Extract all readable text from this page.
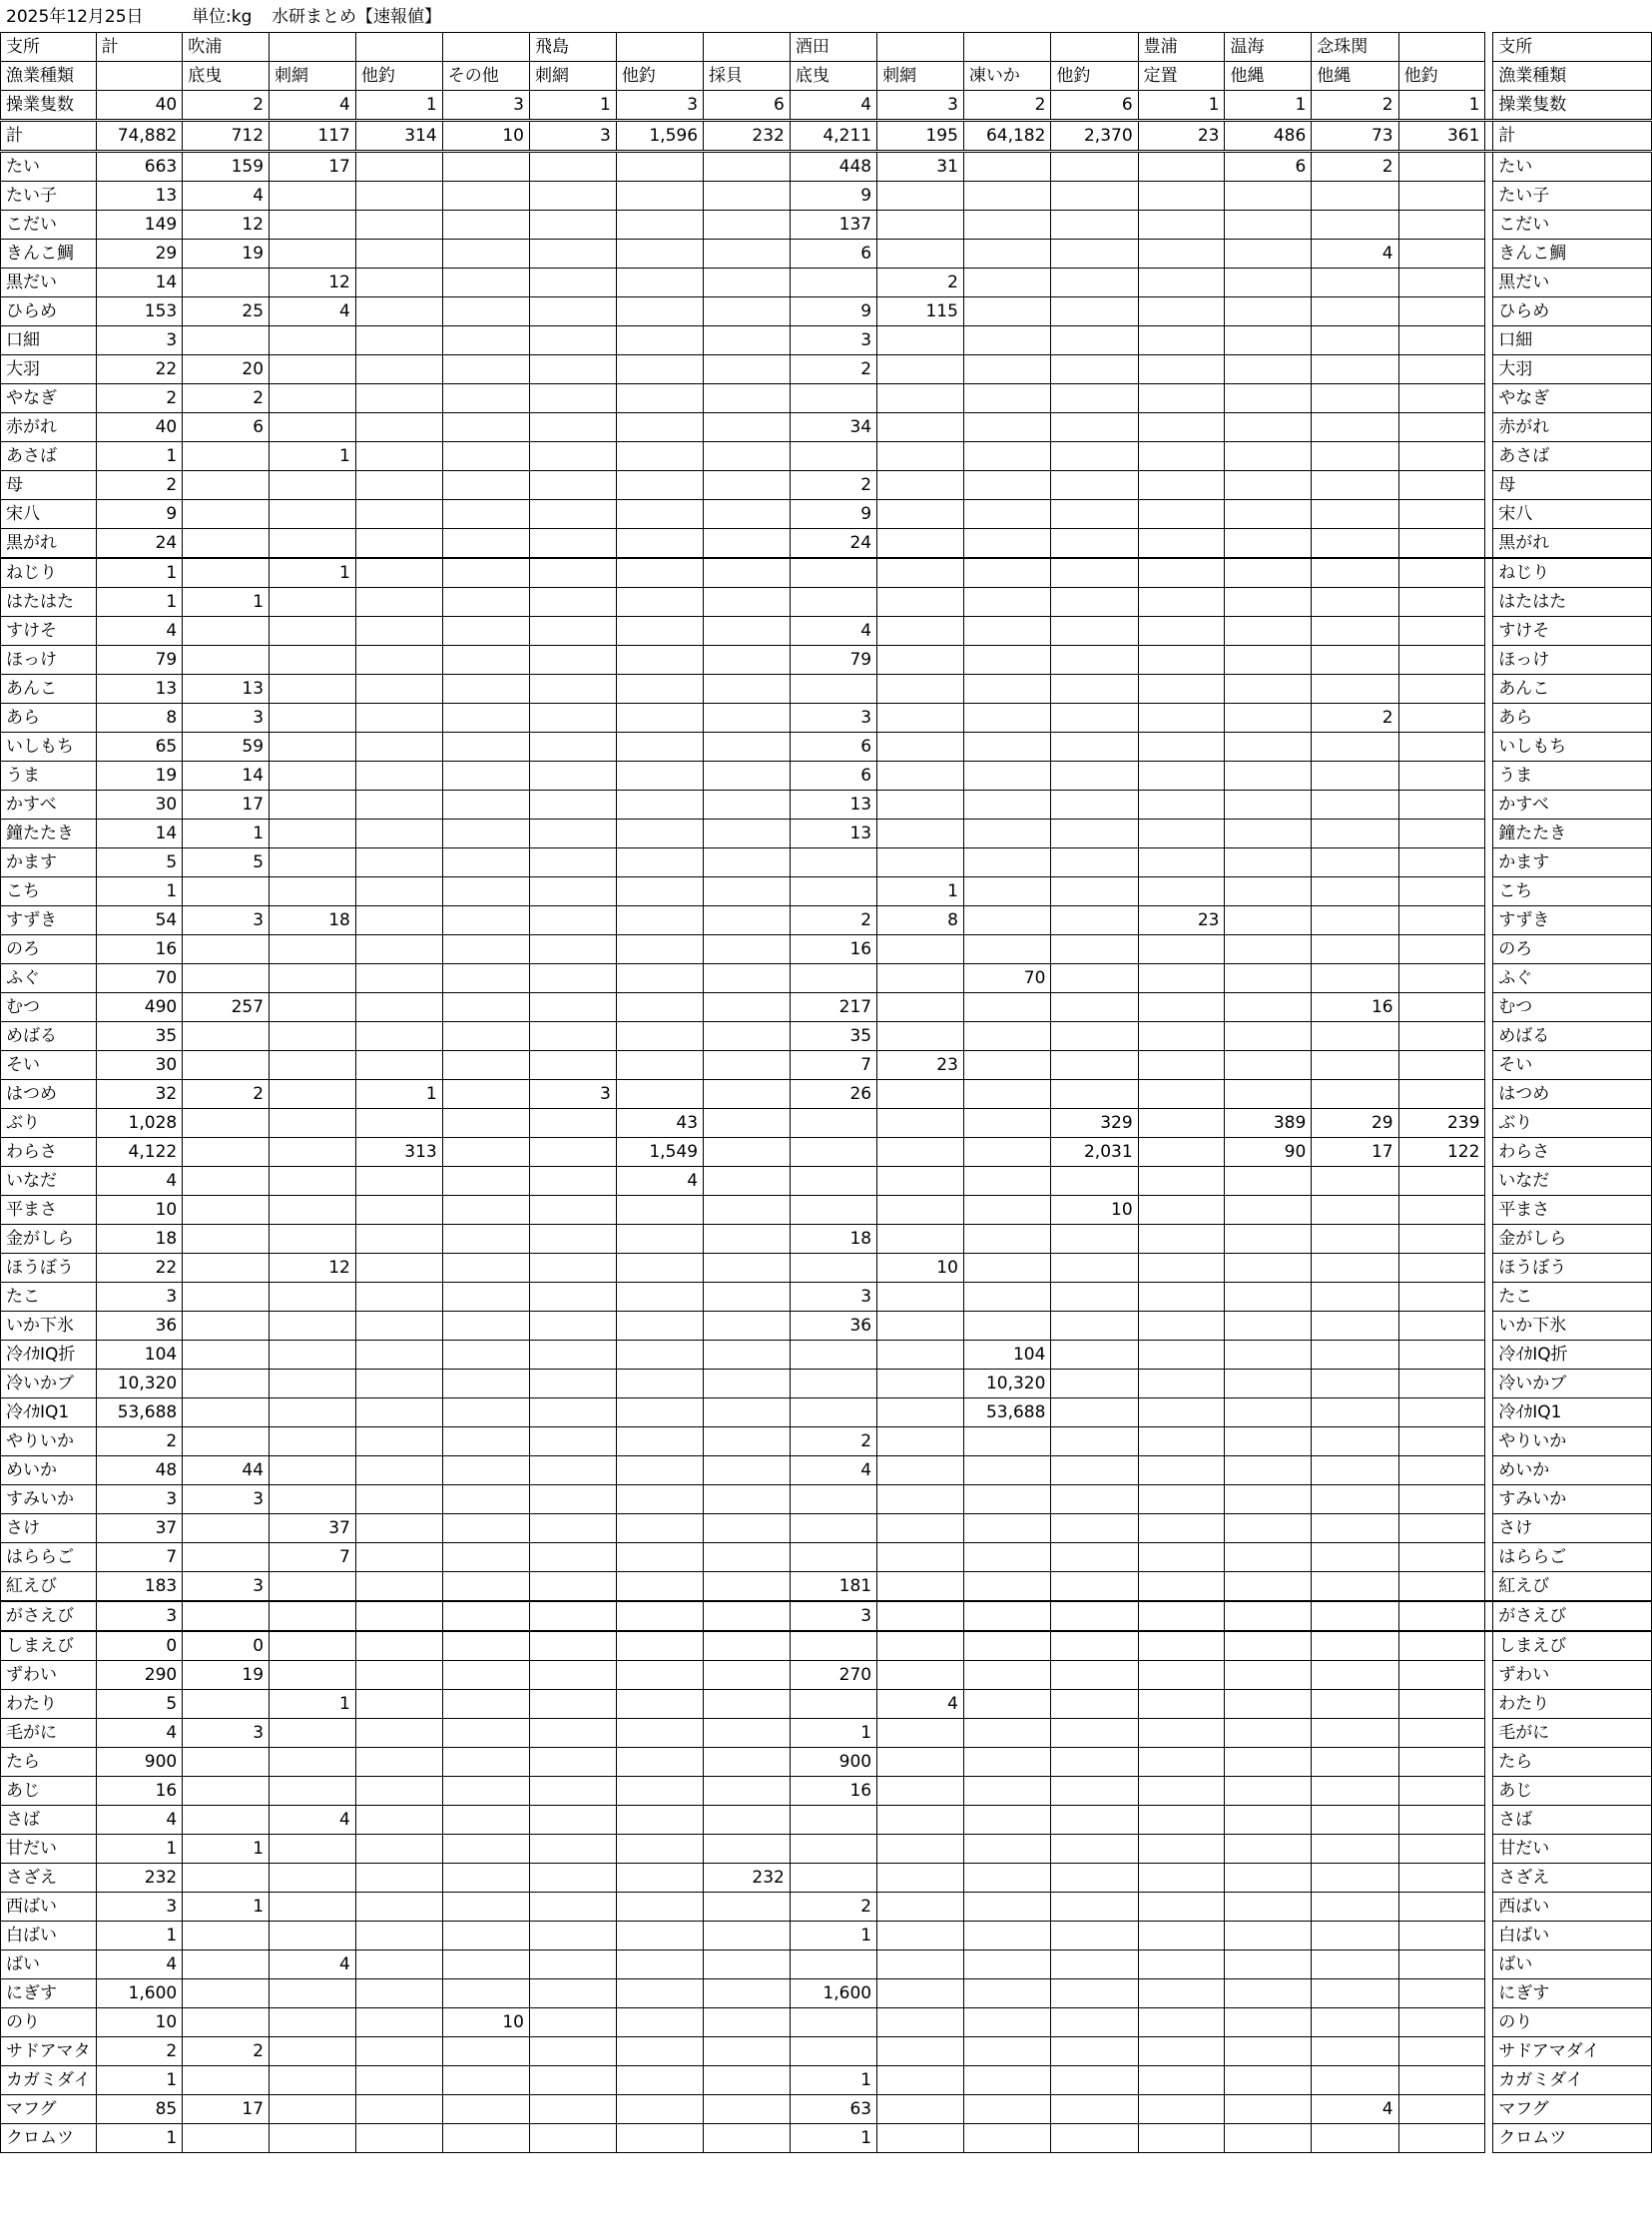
2025年12月25日	単位:kg 水研まとめ【速報値】
支所	計	吹浦				飛島			酒田				豊浦	温海	念珠関			支所
漁業種類		底曳	刺網	他釣	その他	刺網	他釣	採貝	底曳	刺網	凍いか	他釣	定置	他縄	他縄	他釣		漁業種類
操業隻数	40	2	4	1	3	1	3	6	4	3	2	6	1	1	2	1		操業隻数
計	74,882	712	117	314	10	3	1,596	232	4,211	195	64,182	2,370	23	486	73	361		計
たい	663	159	17						448	31				6	2			たい
たい子	13	4							9									たい子
こだい	149	12							137									こだい
きんこ鯛	29	19							6						4			きんこ鯛
黒だい	14		12							2								黒だい
ひらめ	153	25	4						9	115								ひらめ
口細	3								3									口細
大羽	22	20							2									大羽
やなぎ	2	2																やなぎ
赤がれ	40	6							34									赤がれ
あさば	1		1															あさば
母	2								2									母
宋八	9								9									宋八
黒がれ	24								24									黒がれ
ねじり	1		1															ねじり
はたはた	1	1																はたはた
すけそ	4								4									すけそ
ほっけ	79								79									ほっけ
あんこ	13	13																あんこ
あら	8	3							3						2			あら
いしもち	65	59							6									いしもち
うま	19	14							6									うま
かすべ	30	17							13									かすべ
鐘たたき	14	1							13									鐘たたき
かます	5	5																かます
こち	1									1								こち
すずき	54	3	18						2	8			23					すずき
のろ	16								16									のろ
ふぐ	70										70							ふぐ
むつ	490	257							217						16			むつ
めばる	35								35									めばる
そい	30								7	23								そい
はつめ	32	2		1		3			26									はつめ
ぶり	1,028						43					329		389	29	239		ぶり
わらさ	4,122			313			1,549					2,031		90	17	122		わらさ
いなだ	4						4											いなだ
平まさ	10											10						平まさ
金がしら	18								18									金がしら
ほうぼう	22		12							10								ほうぼう
たこ	3								3									たこ
いか下氷	36								36									いか下氷
冷ｲｶIQ折	104										104							冷ｲｶIQ折
冷いかブ	10,320										10,320							冷いかブ
冷ｲｶIQ1	53,688										53,688							冷ｲｶIQ1
やりいか	2								2									やりいか
めいか	48	44							4									めいか
すみいか	3	3																すみいか
さけ	37		37															さけ
はららご	7		7															はららご
紅えび	183	3							181									紅えび
がさえび	3								3									がさえび
しまえび	0	0																しまえび
ずわい	290	19							270									ずわい
わたり	5		1							4								わたり
毛がに	4	3							1									毛がに
たら	900								900									たら
あじ	16								16									あじ
さば	4		4															さば
甘だい	1	1																甘だい
さざえ	232							232										さざえ
西ばい	3	1							2									西ばい
白ばい	1								1									白ばい
ばい	4		4															ばい
にぎす	1,600								1,600									にぎす
のり	10				10													のり
サドアマタ	2	2																サドアマダイ
カガミダイ	1								1									カガミダイ
マフグ	85	17							63						4			マフグ
クロムツ	1								1									クロムツ
